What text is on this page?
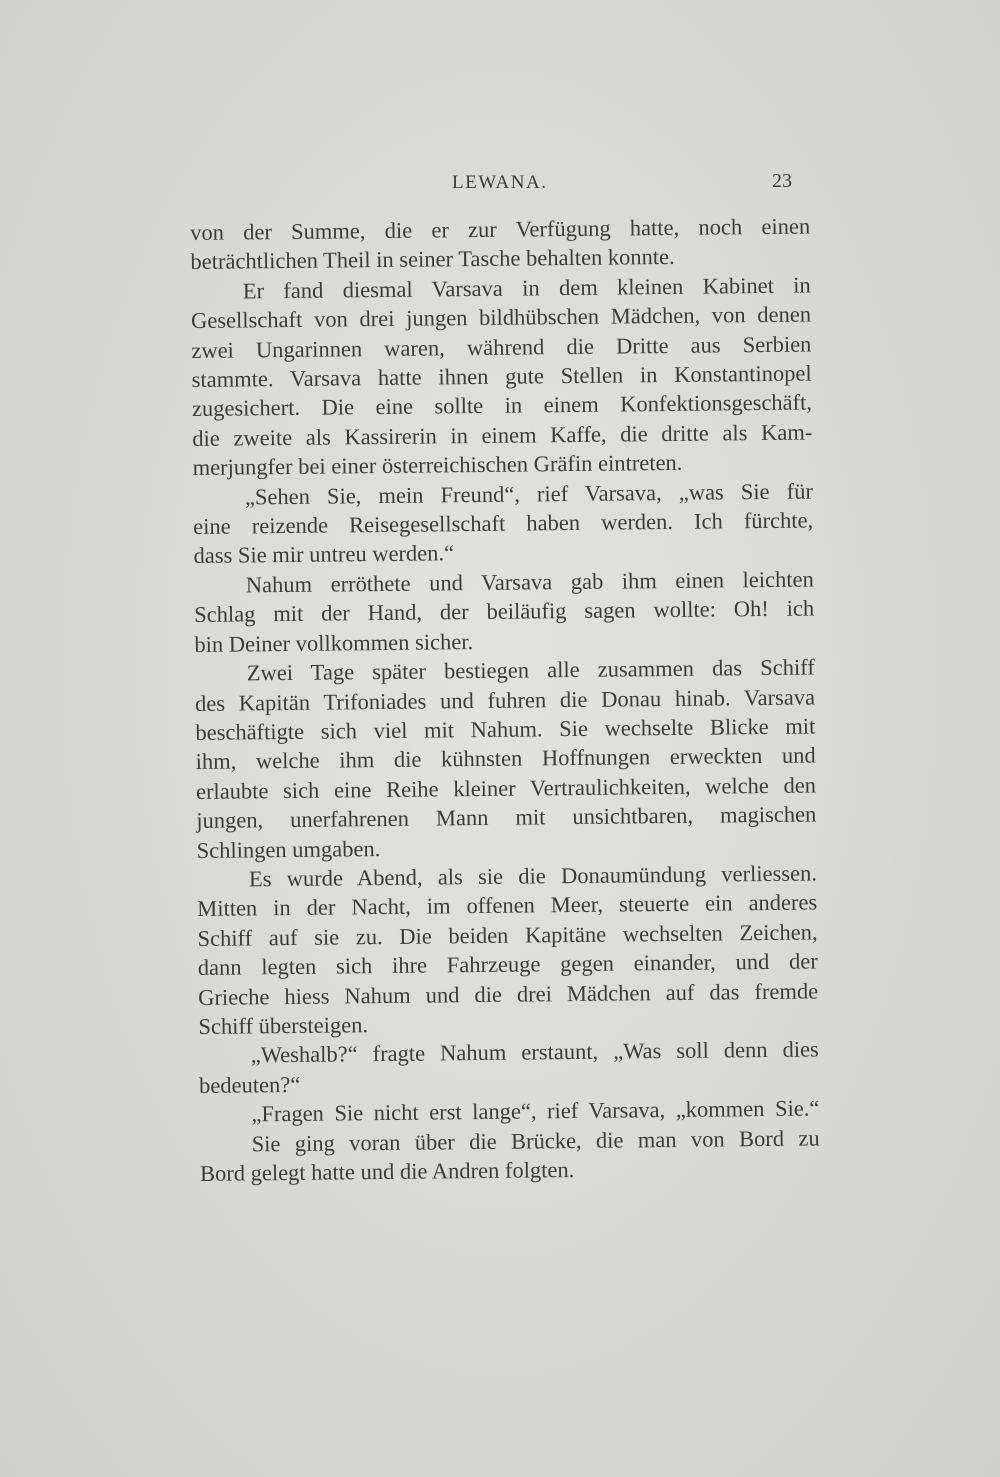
LEWANA.	23
von der Summe, die er zur Verfügung hatte, noch einen
beträchtlichen Theil in seiner Tasche behalten konnte.
Er fand diesmal Varsava in dem kleinen Kabinet in
Gesellschaft von drei jungen bildhübschen Mädchen, von denen
zwei Ungarinnen waren, während die Dritte aus Serbien
stammte. Varsava hatte ihnen gute Stellen in Konstantinopel
zugesichert. Die eine sollte in einem Konfektionsgeschäft,
die zweite als Kassirerin in einem Kaffe, die dritte als Kam-
merjungfer bei einer österreichischen Gräfin eintreten.
„Sehen Sie, mein Freund“, rief Varsava, „was Sie für
eine reizende Reisegesellschaft haben werden. Ich fürchte,
dass Sie mir untreu werden.“
Nahum erröthete und Varsava gab ihm einen leichten
Schlag mit der Hand, der beiläufig sagen wollte: Oh! ich
bin Deiner vollkommen sicher.
Zwei Tage später bestiegen alle zusammen das Schiff
des Kapitän Trifoniades und fuhren die Donau hinab. Varsava
beschäftigte sich viel mit Nahum. Sie wechselte Blicke mit
ihm, welche ihm die kühnsten Hoffnungen erweckten und
erlaubte sich eine Reihe kleiner Vertraulichkeiten, welche den
jungen, unerfahrenen Mann mit unsichtbaren, magischen
Schlingen umgaben.
Es wurde Abend, als sie die Donaumündung verliessen.
Mitten in der Nacht, im offenen Meer, steuerte ein anderes
Schiff auf sie zu. Die beiden Kapitäne wechselten Zeichen,
dann legten sich ihre Fahrzeuge gegen einander, und der
Grieche hiess Nahum und die drei Mädchen auf das fremde
Schiff übersteigen.
„Weshalb?“ fragte Nahum erstaunt, „Was soll denn dies
bedeuten?“
„Fragen Sie nicht erst lange“, rief Varsava, „kommen Sie.“
Sie ging voran über die Brücke, die man von Bord zu
Bord gelegt hatte und die Andren folgten.
